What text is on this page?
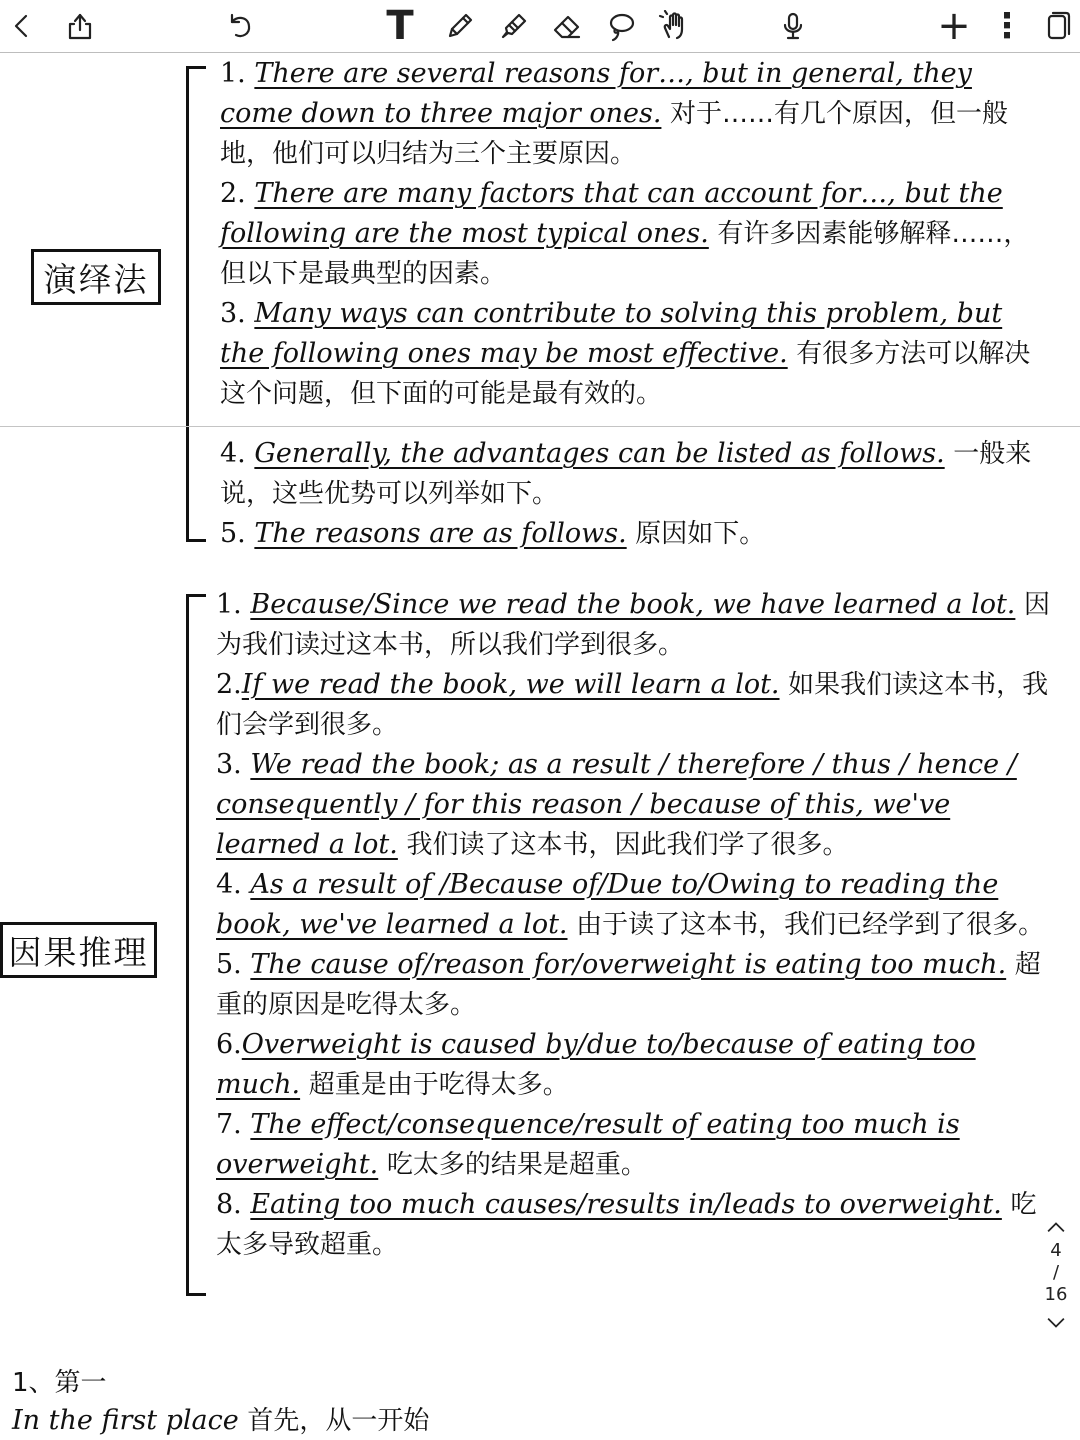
T	+ ⋮
演绎法

1. There are several reasons for…, but in general, they come down to three major ones. 对于……有几个原因，但一般地，他们可以归结为三个主要原因。

2. There are many factors that can account for…, but the following are the most typical ones. 有许多因素能够解释……，但以下是最典型的因素。

3. Many ways can contribute to solving this problem, but the following ones may be most effective. 有很多方法可以解决这个问题，但下面的可能是最有效的。

4. Generally, the advantages can be listed as follows. 一般来说，这些优势可以列举如下。

5. The reasons are as follows. 原因如下。

因果推理

1. Because/Since we read the book, we have learned a lot. 因为我们读过这本书，所以我们学到很多。

2.If we read the book, we will learn a lot. 如果我们读这本书，我们会学到很多。

3. We read the book; as a result / therefore / thus / hence / consequently / for this reason / because of this, we've learned a lot. 我们读了这本书，因此我们学了很多。

4. As a result of /Because of/Due to/Owing to reading the book, we've learned a lot. 由于读了这本书，我们已经学到了很多。

5. The cause of/reason for/overweight is eating too much. 超重的原因是吃得太多。

6.Overweight is caused by/due to/because of eating too much. 超重是由于吃得太多。

7. The effect/consequence/result of eating too much is overweight. 吃太多的结果是超重。

8. Eating too much causes/results in/leads to overweight. 吃太多导致超重。	4
/
16
1、第一
In the first place 首先，从一开始
